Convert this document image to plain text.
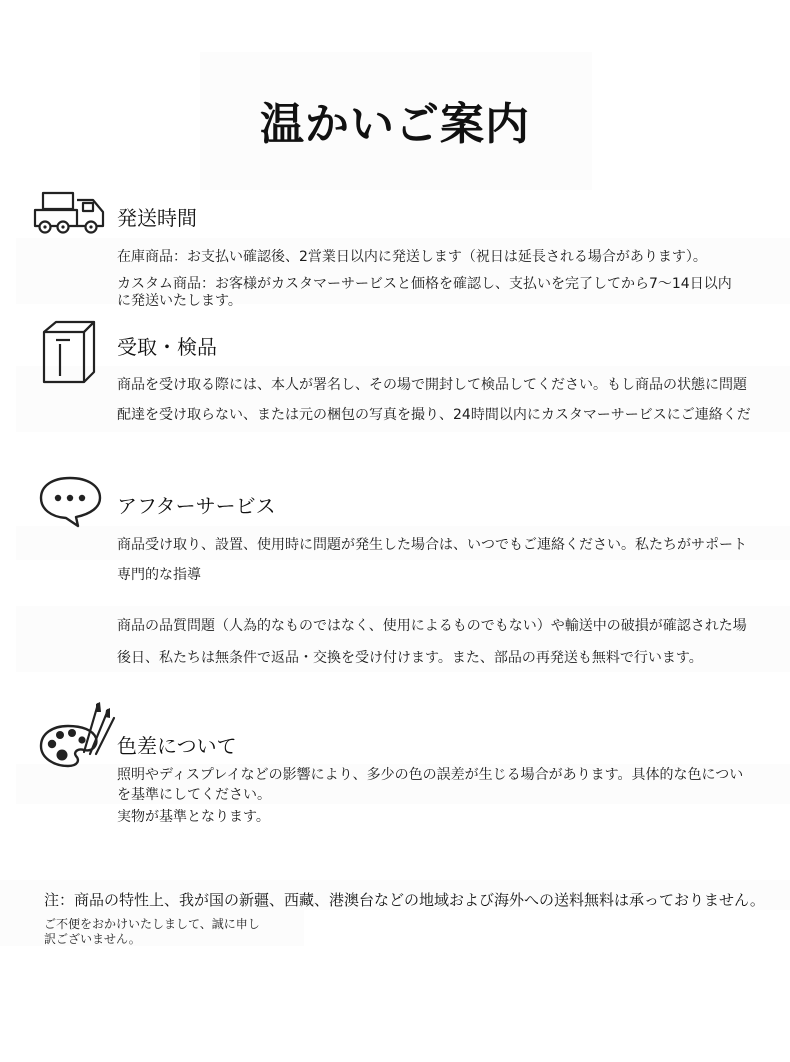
温かいご案内
発送時間
在庫商品：お支払い確認後、2営業日以内に発送します（祝日は延長される場合があります）。
カスタム商品：お客様がカスタマーサービスと価格を確認し、支払いを完了してから7〜14日以内
に発送いたします。
受取・検品
商品を受け取る際には、本人が署名し、その場で開封して検品してください。もし商品の状態に問題
配達を受け取らない、または元の梱包の写真を撮り、24時間以内にカスタマーサービスにご連絡くだ
アフターサービス
商品受け取り、設置、使用時に問題が発生した場合は、いつでもご連絡ください。私たちがサポート
専門的な指導
商品の品質問題（人為的なものではなく、使用によるものでもない）や輸送中の破損が確認された場
後日、私たちは無条件で返品・交換を受け付けます。また、部品の再発送も無料で行います。
色差について
照明やディスプレイなどの影響により、多少の色の誤差が生じる場合があります。具体的な色につい
を基準にしてください。
実物が基準となります。
注：商品の特性上、我が国の新疆、西藏、港澳台などの地域および海外への送料無料は承っておりません。
ご不便をおかけいたしまして、誠に申し
訳ございません。
